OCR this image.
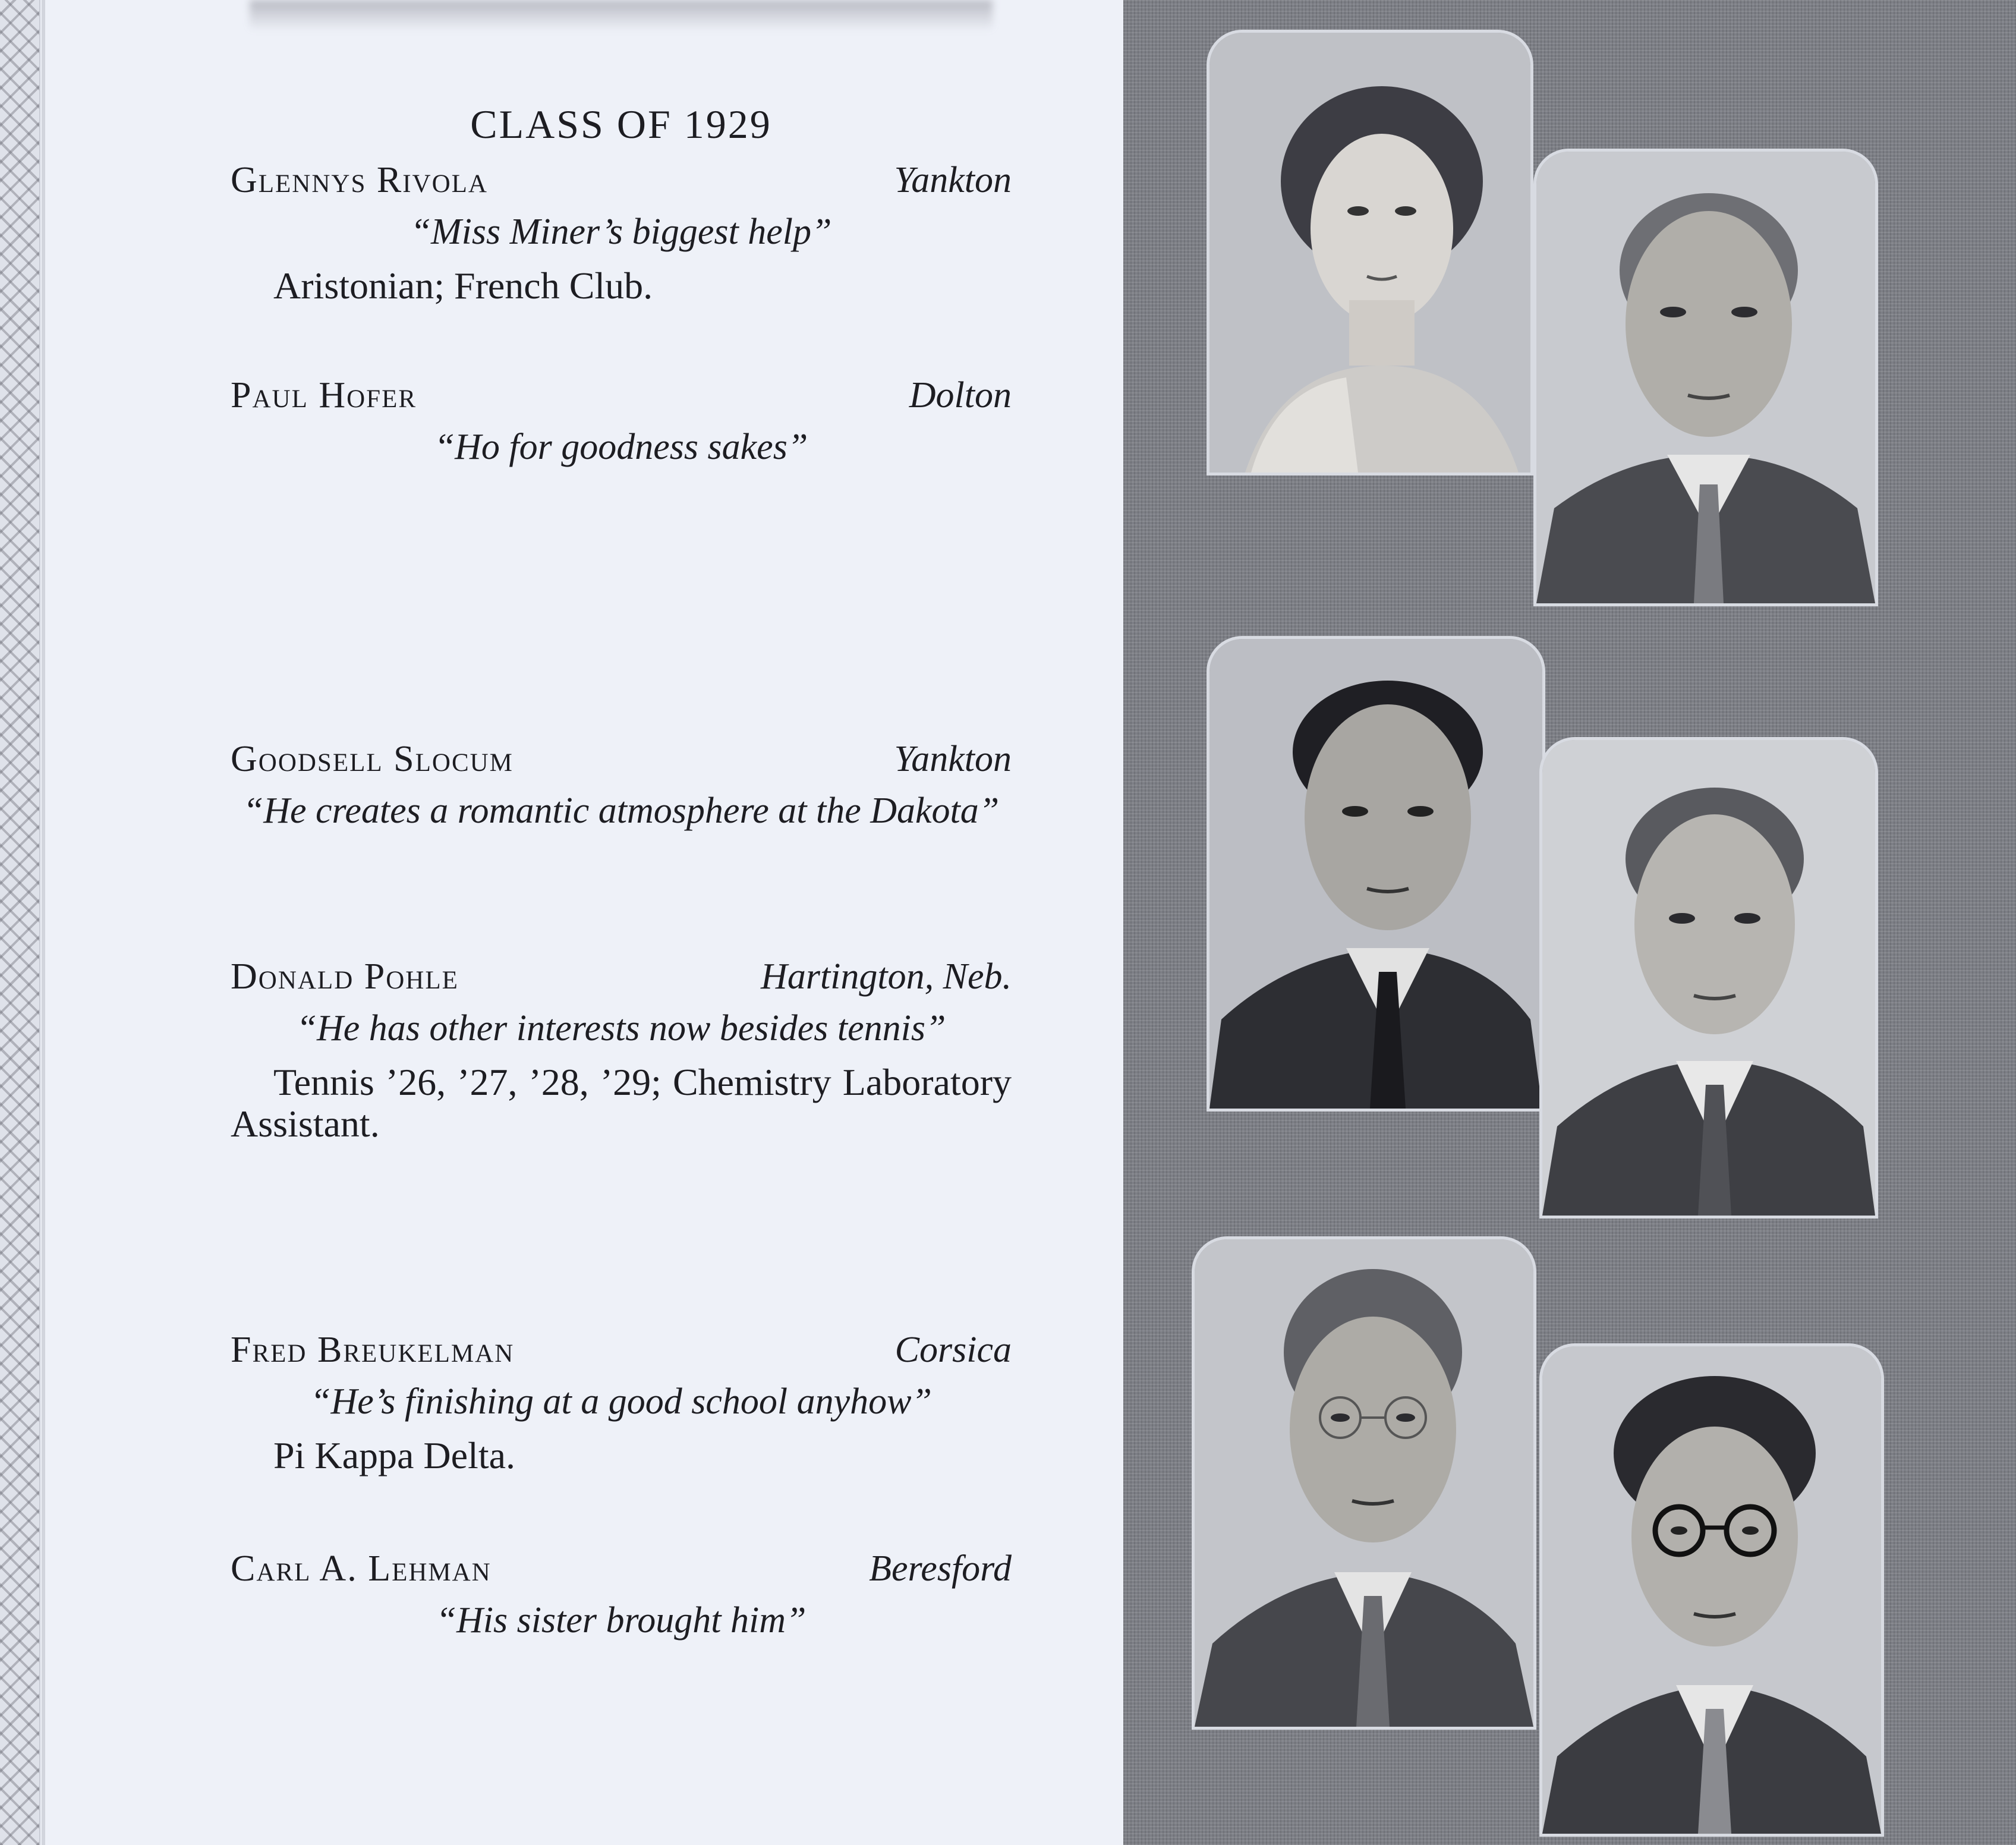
CLASS OF 1929
Glennys Rivola	Yankton
“Miss Miner’s biggest help”
Aristonian; French Club.
Paul Hofer	Dolton
“Ho for goodness sakes”
Goodsell Slocum	Yankton
“He creates a romantic atmosphere at the Dakota”
Donald Pohle	Hartington, Neb.
“He has other interests now besides tennis”
Tennis ’26, ’27, ’28, ’29; Chemistry Laboratory Assistant.
Fred Breukelman	Corsica
“He’s finishing at a good school anyhow”
Pi Kappa Delta.
Carl A. Lehman	Beresford
“His sister brought him”
